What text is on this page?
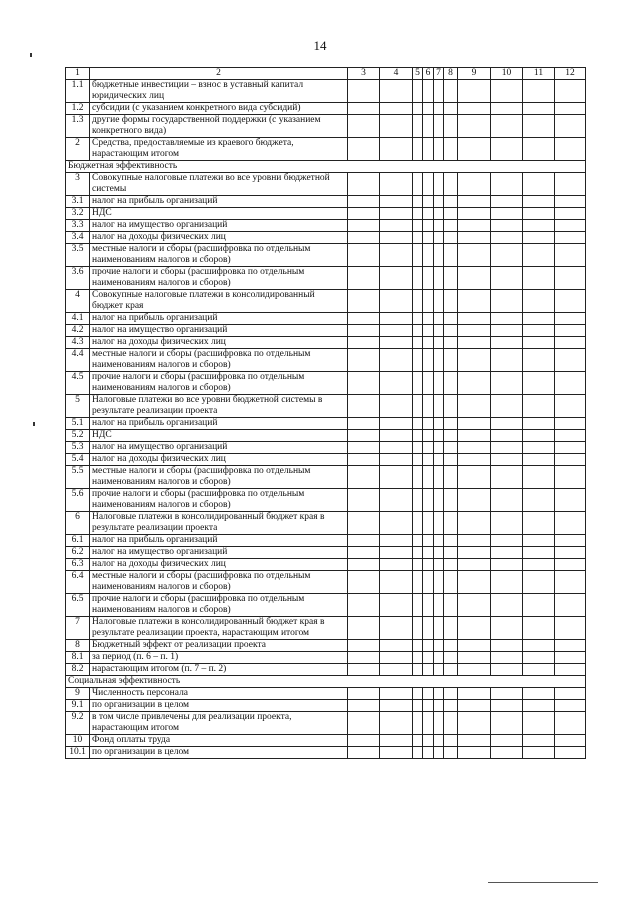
14
1	2	3	4	5	6	7	8	9	10	11	12
1.1	бюджетные инвестиции – взнос в уставный капитал юридических лиц										
1.2	субсидии (с указанием конкретного вида субсидий)										
1.3	другие формы государственной поддержки (с указанием конкретного вида)										
2	Средства, предоставляемые из краевого бюджета, нарастающим итогом										
Бюджетная эффективность											
3	Совокупные налоговые платежи во все уровни бюджетной системы										
3.1	налог на прибыль организаций										
3.2	НДС										
3.3	налог на имущество организаций										
3.4	налог на доходы физических лиц										
3.5	местные налоги и сборы (расшифровка по отдельным наименованиям налогов и сборов)										
3.6	прочие налоги и сборы (расшифровка по отдельным наименованиям налогов и сборов)										
4	Совокупные налоговые платежи в консолидированный бюджет края										
4.1	налог на прибыль организаций										
4.2	налог на имущество организаций										
4.3	налог на доходы физических лиц										
4.4	местные налоги и сборы (расшифровка по отдельным наименованиям налогов и сборов)										
4.5	прочие налоги и сборы (расшифровка по отдельным наименованиям налогов и сборов)										
5	Налоговые платежи во все уровни бюджетной системы в результате реализации проекта										
5.1	налог на прибыль организаций										
5.2	НДС										
5.3	налог на имущество организаций										
5.4	налог на доходы физических лиц										
5.5	местные налоги и сборы (расшифровка по отдельным наименованиям налогов и сборов)										
5.6	прочие налоги и сборы (расшифровка по отдельным наименованиям налогов и сборов)										
6	Налоговые платежи в консолидированный бюджет края в результате реализации проекта										
6.1	налог на прибыль организаций										
6.2	налог на имущество организаций										
6.3	налог на доходы физических лиц										
6.4	местные налоги и сборы (расшифровка по отдельным наименованиям налогов и сборов)										
6.5	прочие налоги и сборы (расшифровка по отдельным наименованиям налогов и сборов)										
7	Налоговые платежи в консолидированный бюджет края в результате реализации проекта, нарастающим итогом										
8	Бюджетный эффект от реализации проекта										
8.1	за период (п. 6 – п. 1)										
8.2	нарастающим итогом (п. 7 – п. 2)										
Социальная эффективность											
9	Численность персонала										
9.1	по организации в целом										
9.2	в том числе привлечены для реализации проекта, нарастающим итогом										
10	Фонд оплаты труда										
10.1	по организации в целом										
